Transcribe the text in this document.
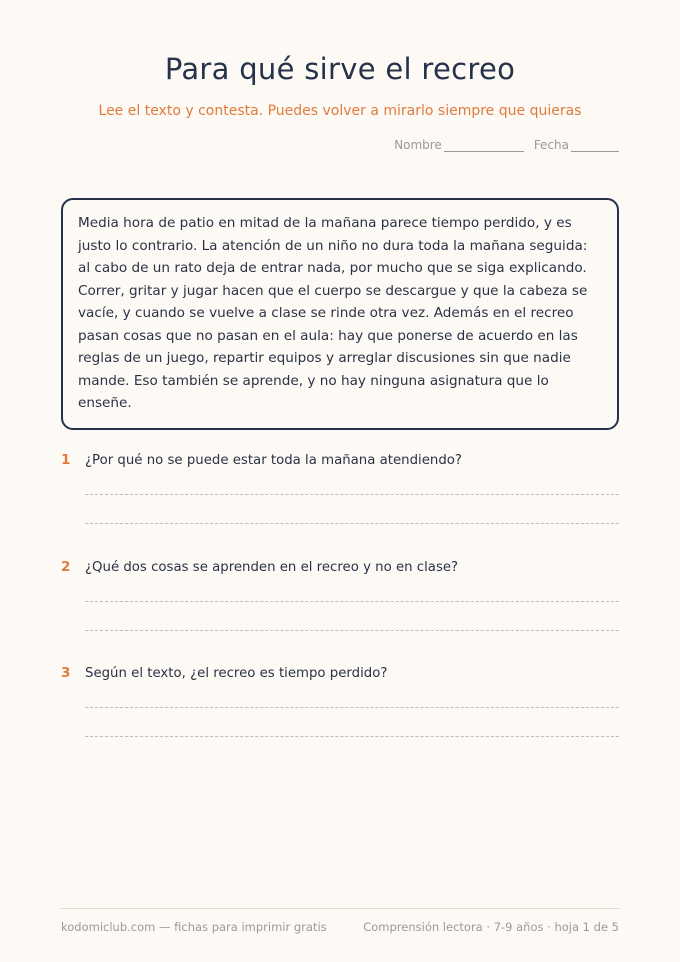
Para qué sirve el recreo
Lee el texto y contesta. Puedes volver a mirarlo siempre que quieras
Nombre	Fecha
Media hora de patio en mitad de la mañana parece tiempo perdido, y es justo lo contrario. La atención de un niño no dura toda la mañana seguida: al cabo de un rato deja de entrar nada, por mucho que se siga explicando. Correr, gritar y jugar hacen que el cuerpo se descargue y que la cabeza se vacíe, y cuando se vuelve a clase se rinde otra vez. Además en el recreo pasan cosas que no pasan en el aula: hay que ponerse de acuerdo en las reglas de un juego, repartir equipos y arreglar discusiones sin que nadie mande. Eso también se aprende, y no hay ninguna asignatura que lo enseñe.
1	¿Por qué no se puede estar toda la mañana atendiendo?
2	¿Qué dos cosas se aprenden en el recreo y no en clase?
3	Según el texto, ¿el recreo es tiempo perdido?
kodomiclub.com — fichas para imprimir gratis	Comprensión lectora · 7-9 años · hoja 1 de 5
